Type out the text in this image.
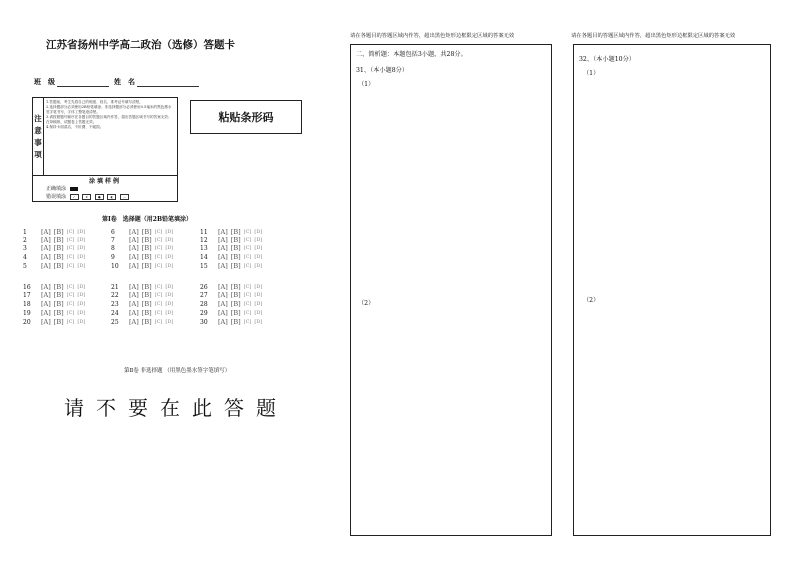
江苏省扬州中学高二政治（选修）答题卡
班　级	姓　名
注
意
事
项
1.答题前，考生先将自己的班级、姓名、准考证号填写清楚。
2.选择题部分必须使用2B铅笔填涂；非选择题部分必须使用0.5毫米的黑色墨水签字笔书写，字体工整笔迹清楚。
3.请按照题号顺序在各题目的答题区域内作答，超出答题区域书写的答案无效；在草稿纸、试题卷上答题无效。
4.保持卡面清洁，不折叠、不破损。
涂填样例
正确填涂
错误填涂 ✓	✗	●	◐	—
粘贴条形码
第Ⅰ卷　选择题（用2B铅笔填涂）
1	[A] [B] [C] [D]
2	[A] [B] [C] [D]
3	[A] [B] [C] [D]
4	[A] [B] [C] [D]
5	[A] [B] [C] [D]
6	[A] [B] [C] [D]
7	[A] [B] [C] [D]
8	[A] [B] [C] [D]
9	[A] [B] [C] [D]
10	[A] [B] [C] [D]
11	[A] [B] [C] [D]
12	[A] [B] [C] [D]
13	[A] [B] [C] [D]
14	[A] [B] [C] [D]
15	[A] [B] [C] [D]
16	[A] [B] [C] [D]
17	[A] [B] [C] [D]
18	[A] [B] [C] [D]
19	[A] [B] [C] [D]
20	[A] [B] [C] [D]
21	[A] [B] [C] [D]
22	[A] [B] [C] [D]
23	[A] [B] [C] [D]
24	[A] [B] [C] [D]
25	[A] [B] [C] [D]
26	[A] [B] [C] [D]
27	[A] [B] [C] [D]
28	[A] [B] [C] [D]
29	[A] [B] [C] [D]
30	[A] [B] [C] [D]
第Ⅱ卷 非选择题 （用黑色墨水签字笔填写）
请不要在此答题
请在各题目的答题区域内作答，超出黑色矩形边框限定区域的答案无效	请在各题目的答题区域内作答，超出黑色矩形边框限定区域的答案无效
二、简析题：本题包括3小题，共28分。
31、（本小题8分）
（1）
（2）
32、（本小题10分）
（1）
（2）
